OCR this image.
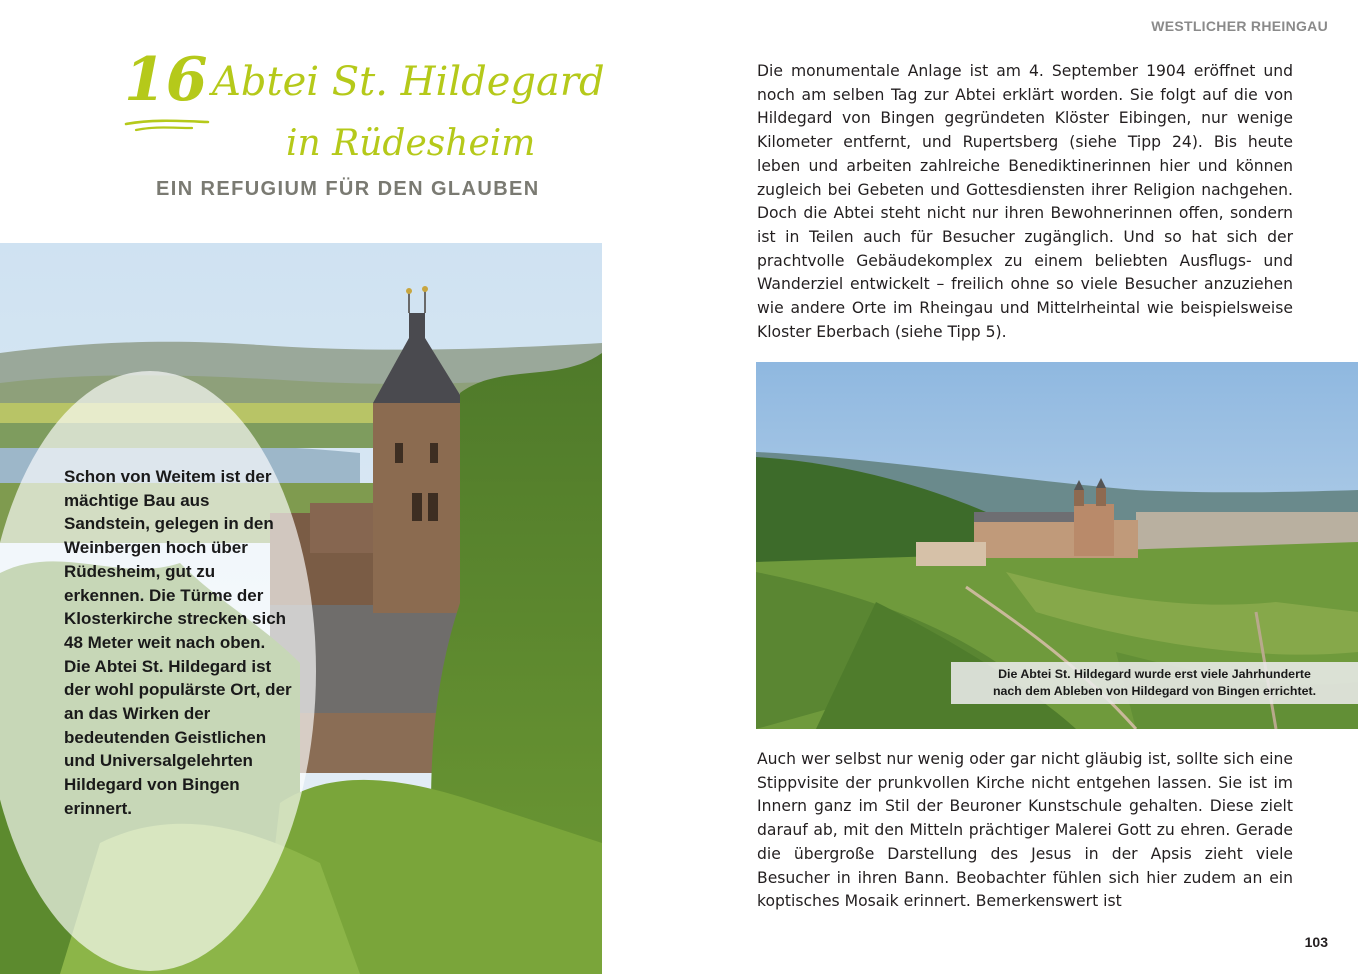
WESTLICHER RHEINGAU
16 Abtei St. Hildegard
in Rüdesheim
EIN REFUGIUM FÜR DEN GLAUBEN
Schon von Weitem ist der mächtige Bau aus Sandstein, gelegen in den Weinbergen hoch über Rüdesheim, gut zu erkennen. Die Türme der Klosterkirche strecken sich 48 Meter weit nach oben. Die Abtei St. Hildegard ist der wohl populärste Ort, der an das Wirken der bedeutenden Geistlichen und Universalgelehrten Hildegard von Bingen erinnert.

Die monumentale Anlage ist am 4. September 1904 eröffnet und noch am selben Tag zur Abtei erklärt worden. Sie folgt auf die von Hildegard von Bingen gegründeten Klöster Eibingen, nur wenige Kilometer entfernt, und Rupertsberg (siehe Tipp 24). Bis heute leben und arbeiten zahlreiche Benediktinerinnen hier und können zugleich bei Gebeten und Gottesdiensten ihrer Religion nachgehen. Doch die Abtei steht nicht nur ihren Bewohnerinnen offen, sondern ist in Teilen auch für Besucher zugänglich. Und so hat sich der prachtvolle Gebäudekomplex zu einem beliebten Ausflugs- und Wanderziel entwickelt – freilich ohne so viele Besucher anzuziehen wie andere Orte im Rheingau und Mittelrheintal wie beispielsweise Kloster Eberbach (siehe Tipp 5).

Die Abtei St. Hildegard wurde erst viele Jahrhunderte
nach dem Ableben von Hildegard von Bingen errichtet.

Auch wer selbst nur wenig oder gar nicht gläubig ist, sollte sich eine Stippvisite der prunkvollen Kirche nicht entgehen lassen. Sie ist im Innern ganz im Stil der Beuroner Kunstschule gehalten. Diese zielt darauf ab, mit den Mitteln prächtiger Malerei Gott zu ehren. Gerade die übergroße Darstellung des Jesus in der Apsis zieht viele Besucher in ihren Bann. Beobachter fühlen sich hier zudem an ein koptisches Mosaik erinnert. Bemerkenswert ist

103
